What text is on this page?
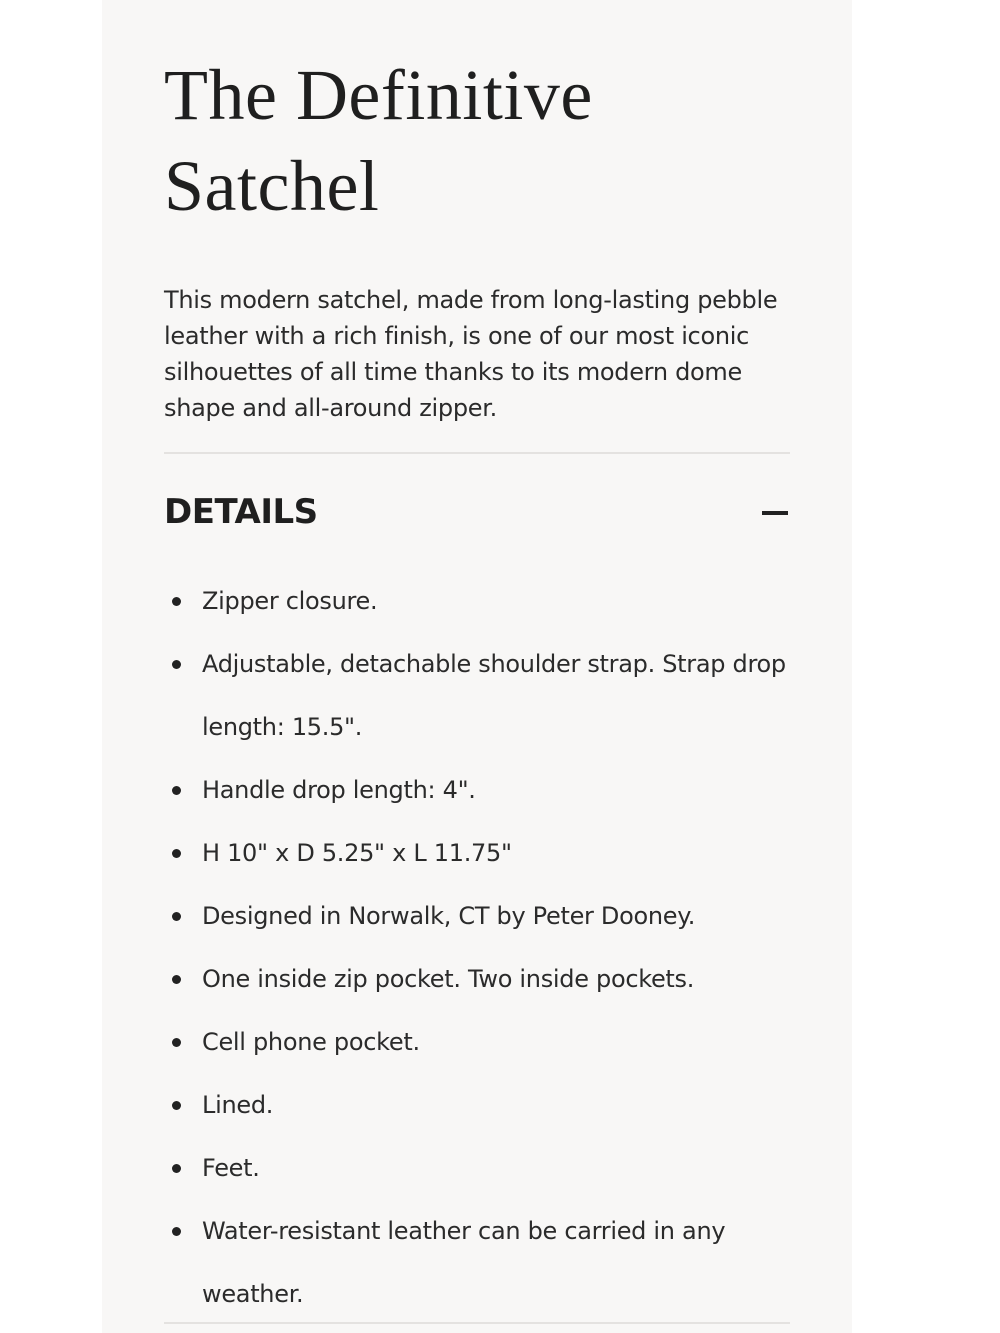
The Definitive Satchel

This modern satchel, made from long-lasting pebble leather with a rich finish, is one of our most iconic silhouettes of all time thanks to its modern dome shape and all-around zipper.

DETAILS
Zipper closure.
Adjustable, detachable shoulder strap. Strap drop length: 15.5".
Handle drop length: 4".
H 10" x D 5.25" x L 11.75"
Designed in Norwalk, CT by Peter Dooney.
One inside zip pocket. Two inside pockets.
Cell phone pocket.
Lined.
Feet.
Water-resistant leather can be carried in any weather.
